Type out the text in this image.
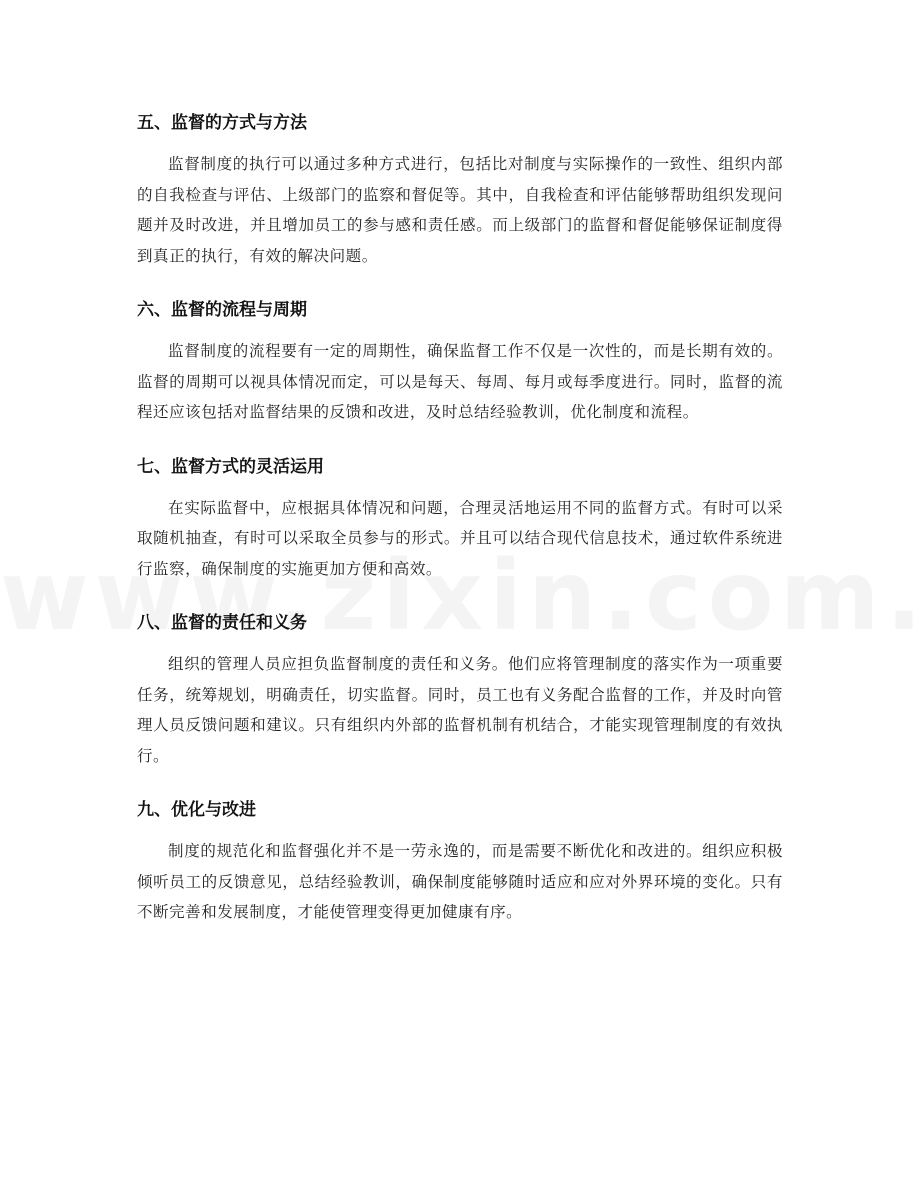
五、监督的方式与方法

监督制度的执行可以通过多种方式进行，包括比对制度与实际操作的一致性、组织内部的自我检查与评估、上级部门的监察和督促等。其中，自我检查和评估能够帮助组织发现问题并及时改进，并且增加员工的参与感和责任感。而上级部门的监督和督促能够保证制度得到真正的执行，有效的解决问题。

六、监督的流程与周期

监督制度的流程要有一定的周期性，确保监督工作不仅是一次性的，而是长期有效的。监督的周期可以视具体情况而定，可以是每天、每周、每月或每季度进行。同时，监督的流程还应该包括对监督结果的反馈和改进，及时总结经验教训，优化制度和流程。

七、监督方式的灵活运用

在实际监督中，应根据具体情况和问题，合理灵活地运用不同的监督方式。有时可以采取随机抽查，有时可以采取全员参与的形式。并且可以结合现代信息技术，通过软件系统进行监察，确保制度的实施更加方便和高效。

八、监督的责任和义务

组织的管理人员应担负监督制度的责任和义务。他们应将管理制度的落实作为一项重要任务，统筹规划，明确责任，切实监督。同时，员工也有义务配合监督的工作，并及时向管理人员反馈问题和建议。只有组织内外部的监督机制有机结合，才能实现管理制度的有效执行。

九、优化与改进

制度的规范化和监督强化并不是一劳永逸的，而是需要不断优化和改进的。组织应积极倾听员工的反馈意见，总结经验教训，确保制度能够随时适应和应对外界环境的变化。只有不断完善和发展制度，才能使管理变得更加健康有序。
